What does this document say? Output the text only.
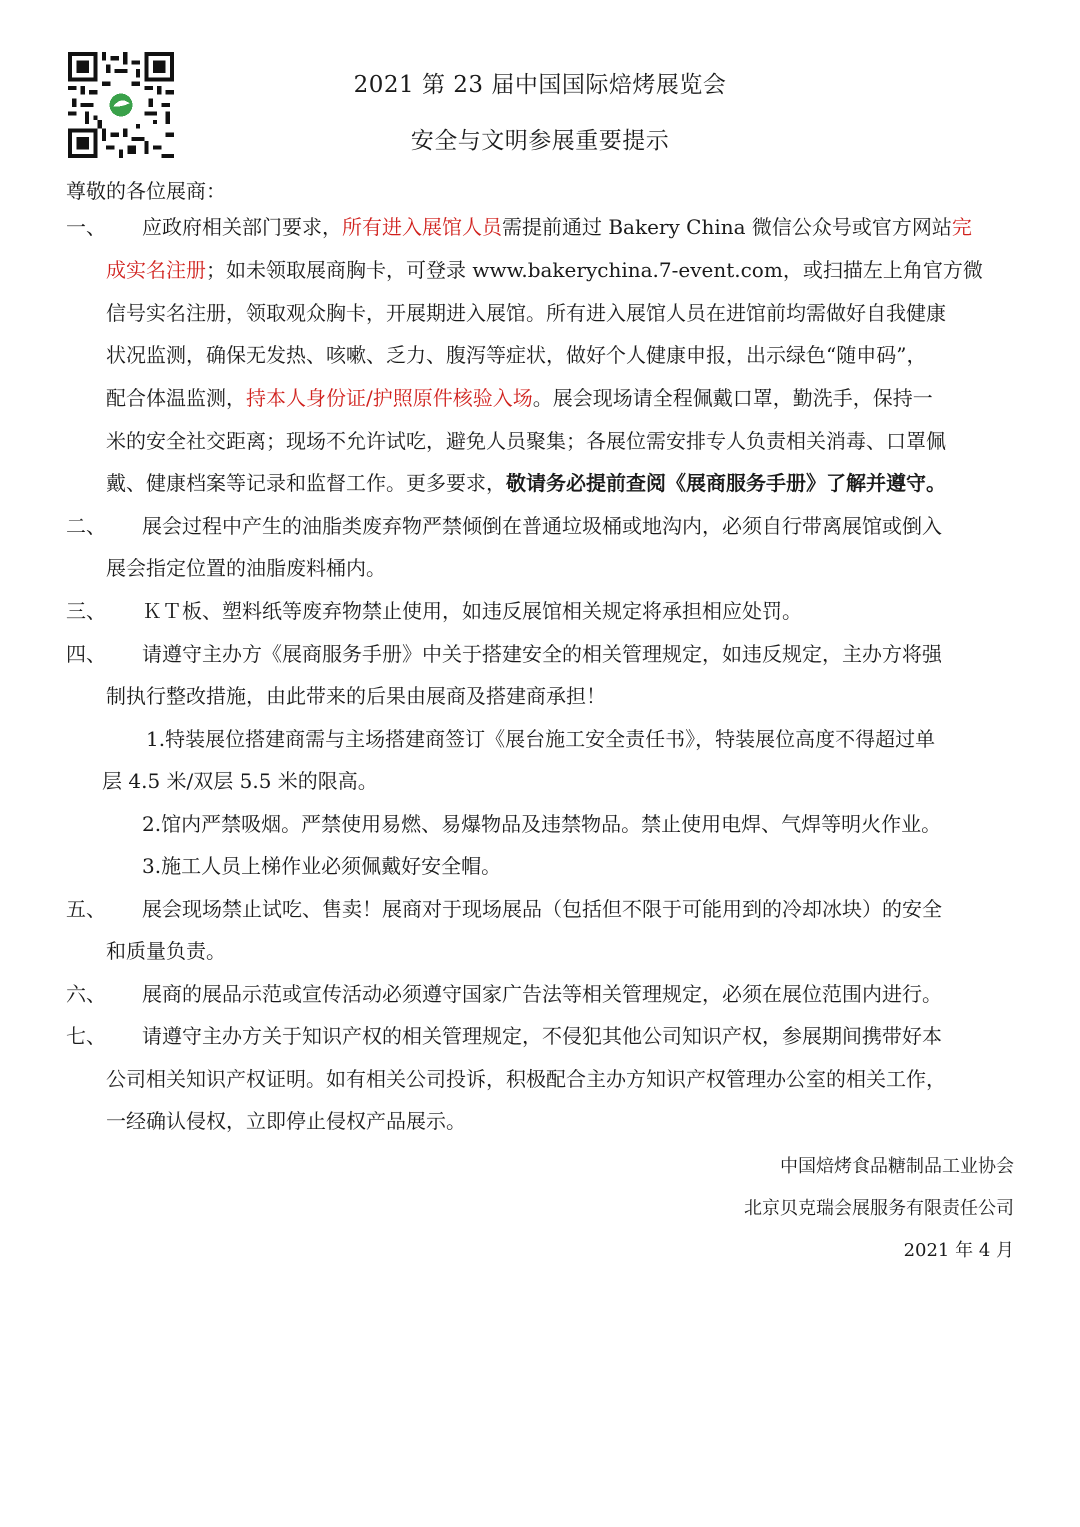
2021 第 23 届中国国际焙烤展览会
安全与文明参展重要提示
尊敬的各位展商：
一、 应政府相关部门要求，所有进入展馆人员需提前通过 Bakery China 微信公众号或官方网站完
成实名注册；如未领取展商胸卡，可登录 www.bakerychina.7-event.com，或扫描左上角官方微
信号实名注册，领取观众胸卡，开展期进入展馆。所有进入展馆人员在进馆前均需做好自我健康
状况监测，确保无发热、咳嗽、乏力、腹泻等症状，做好个人健康申报，出示绿色“随申码”，
配合体温监测，持本人身份证/护照原件核验入场。展会现场请全程佩戴口罩，勤洗手，保持一
米的安全社交距离；现场不允许试吃，避免人员聚集；各展位需安排专人负责相关消毒、口罩佩
戴、健康档案等记录和监督工作。更多要求，敬请务必提前查阅《展商服务手册》了解并遵守。
二、 展会过程中产生的油脂类废弃物严禁倾倒在普通垃圾桶或地沟内，必须自行带离展馆或倒入
展会指定位置的油脂废料桶内。
三、 ＫＴ板、塑料纸等废弃物禁止使用，如违反展馆相关规定将承担相应处罚。
四、 请遵守主办方《展商服务手册》中关于搭建安全的相关管理规定，如违反规定，主办方将强
制执行整改措施，由此带来的后果由展商及搭建商承担！
1.特装展位搭建商需与主场搭建商签订《展台施工安全责任书》，特装展位高度不得超过单
层 4.5 米/双层 5.5 米的限高。
2.馆内严禁吸烟。严禁使用易燃、易爆物品及违禁物品。禁止使用电焊、气焊等明火作业。
3.施工人员上梯作业必须佩戴好安全帽。
五、 展会现场禁止试吃、售卖！展商对于现场展品（包括但不限于可能用到的冷却冰块）的安全
和质量负责。
六、 展商的展品示范或宣传活动必须遵守国家广告法等相关管理规定，必须在展位范围内进行。
七、 请遵守主办方关于知识产权的相关管理规定，不侵犯其他公司知识产权，参展期间携带好本
公司相关知识产权证明。如有相关公司投诉，积极配合主办方知识产权管理办公室的相关工作，
一经确认侵权，立即停止侵权产品展示。
中国焙烤食品糖制品工业协会
北京贝克瑞会展服务有限责任公司
2021 年 4 月
